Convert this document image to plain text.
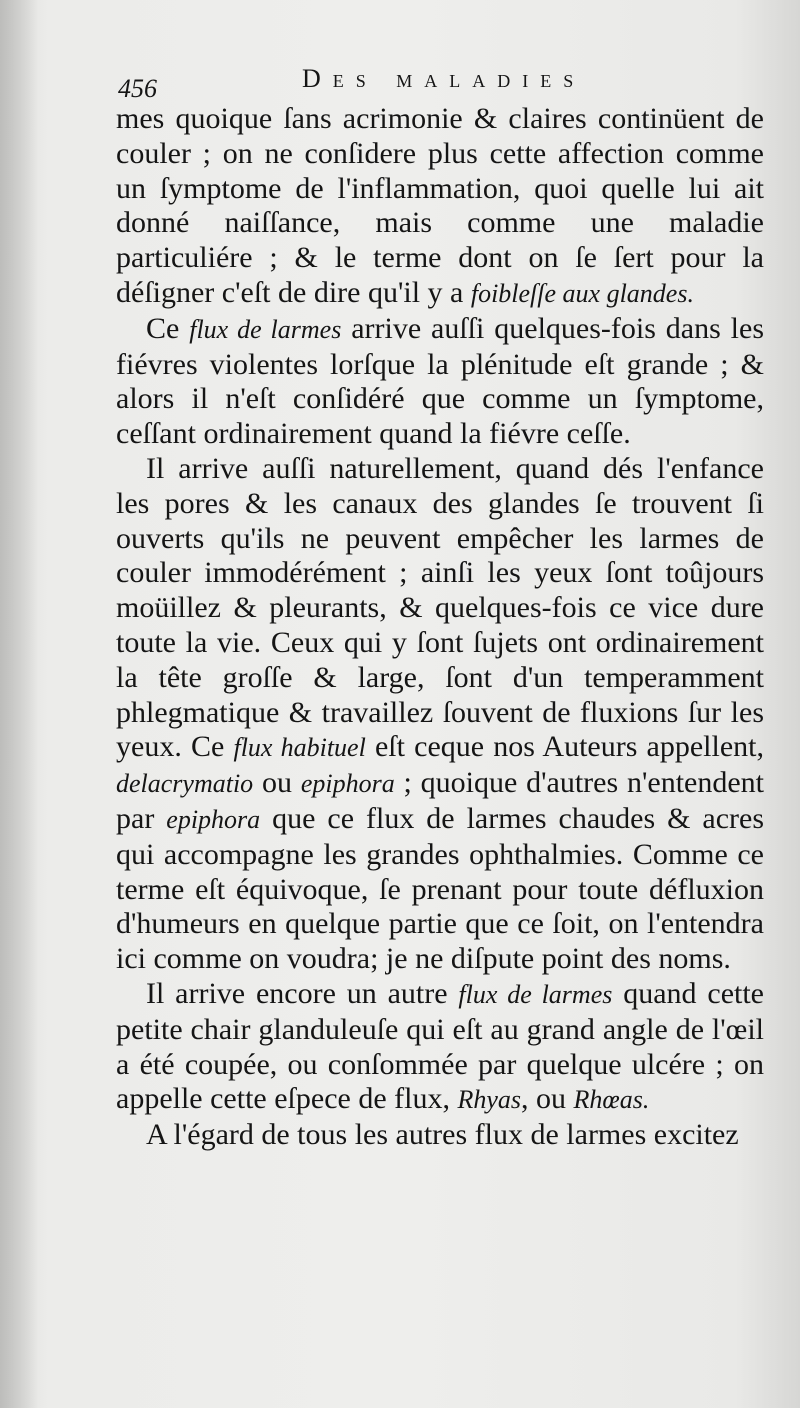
456	Des maladies

mes quoique ſans acrimonie & claires continüent de couler ; on ne conſidere plus cette affection comme un ſymptome de l'inflammation, quoi quelle lui ait donné naiſſance, mais comme une maladie particuliére ; & le terme dont on ſe ſert pour la déſigner c'eſt de dire qu'il y a foibleſſe aux glandes.

Ce flux de larmes arrive auſſi quelques-fois dans les fiévres violentes lorſque la plénitude eſt grande ; & alors il n'eſt conſidéré que comme un ſymptome, ceſſant ordinairement quand la fiévre ceſſe.

Il arrive auſſi naturellement, quand dés l'enfance les pores & les canaux des glandes ſe trouvent ſi ouverts qu'ils ne peuvent empêcher les larmes de couler immodérément ; ainſi les yeux ſont toûjours moüillez & pleurants, & quelques-fois ce vice dure toute la vie. Ceux qui y ſont ſujets ont ordinairement la tête groſſe & large, ſont d'un temperamment phlegmatique & travaillez ſouvent de fluxions ſur les yeux. Ce flux habituel eſt ceque nos Auteurs appellent, delacrymatio ou epiphora ; quoique d'autres n'entendent par epiphora que ce flux de larmes chaudes & acres qui accompagne les grandes ophthalmies. Comme ce terme eſt équivoque, ſe prenant pour toute défluxion d'humeurs en quelque partie que ce ſoit, on l'entendra ici comme on voudra; je ne diſpute point des noms.

Il arrive encore un autre flux de larmes quand cette petite chair glanduleuſe qui eſt au grand angle de l'œil a été coupée, ou conſommée par quelque ulcére ; on appelle cette eſpece de flux, Rhyas, ou Rhœas.

A l'égard de tous les autres flux de larmes excitez
